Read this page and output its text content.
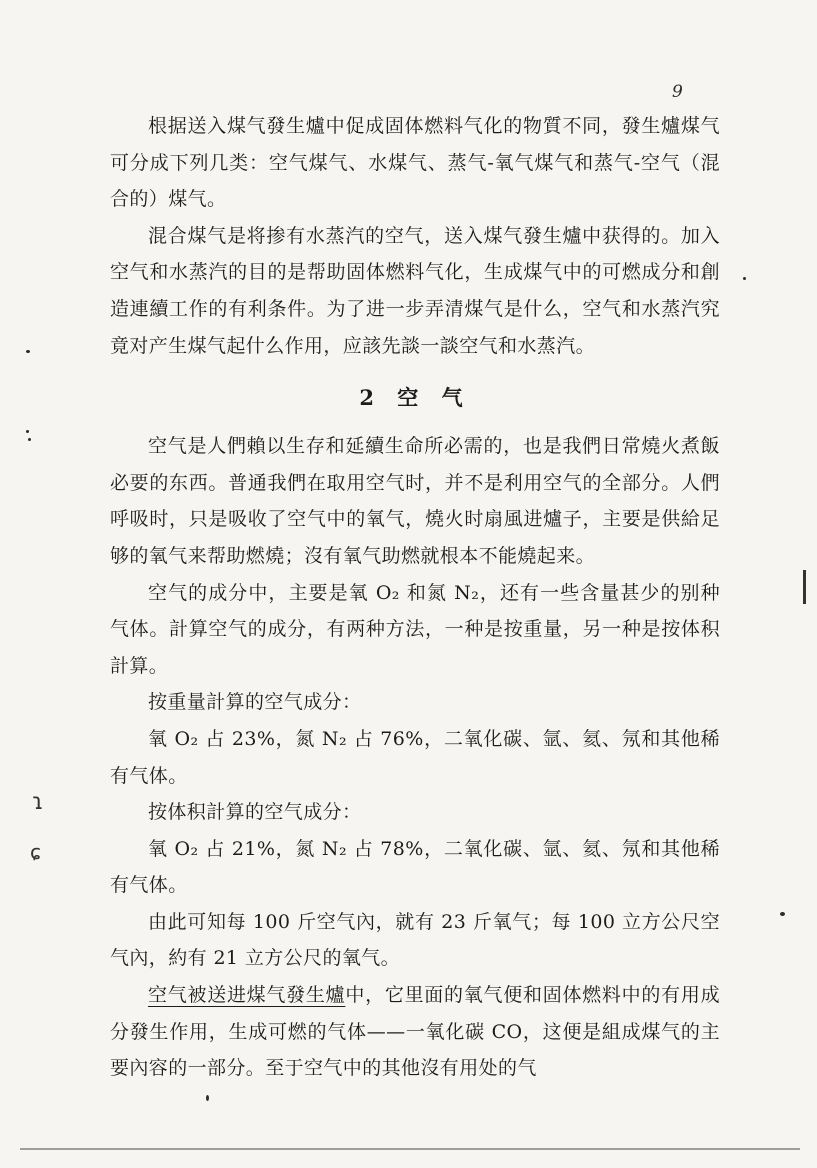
9

根据送入煤气發生爐中促成固体燃料气化的物質不同，發生爐煤气可分成下列几类：空气煤气、水煤气、蒸气-氧气煤气和蒸气-空气（混合的）煤气。

混合煤气是将掺有水蒸汽的空气，送入煤气發生爐中获得的。加入空气和水蒸汽的目的是帮助固体燃料气化，生成煤气中的可燃成分和創造連續工作的有利条件。为了进一步弄清煤气是什么，空气和水蒸汽究竟对产生煤气起什么作用，应該先談一談空气和水蒸汽。

2 空 气

空气是人們賴以生存和延續生命所必需的，也是我們日常燒火煮飯必要的东西。普通我們在取用空气时，并不是利用空气的全部分。人們呼吸时，只是吸收了空气中的氧气，燒火时扇風进爐子，主要是供給足够的氧气来帮助燃燒；沒有氧气助燃就根本不能燒起来。

空气的成分中，主要是氧 O₂ 和氮 N₂，还有一些含量甚少的别种气体。計算空气的成分，有两种方法，一种是按重量，另一种是按体积計算。

按重量計算的空气成分：

氧 O₂ 占 23%，氮 N₂ 占 76%，二氧化碳、氩、氦、氖和其他稀有气体。

按体积計算的空气成分：

氧 O₂ 占 21%，氮 N₂ 占 78%，二氧化碳、氩、氦、氖和其他稀有气体。

由此可知每 100 斤空气內，就有 23 斤氧气；每 100 立方公尺空气內，約有 21 立方公尺的氧气。

空气被送进煤气發生爐中，它里面的氧气便和固体燃料中的有用成分發生作用，生成可燃的气体——一氧化碳 CO，这便是組成煤气的主要內容的一部分。至于空气中的其他沒有用处的气

ɿ
ɕ
